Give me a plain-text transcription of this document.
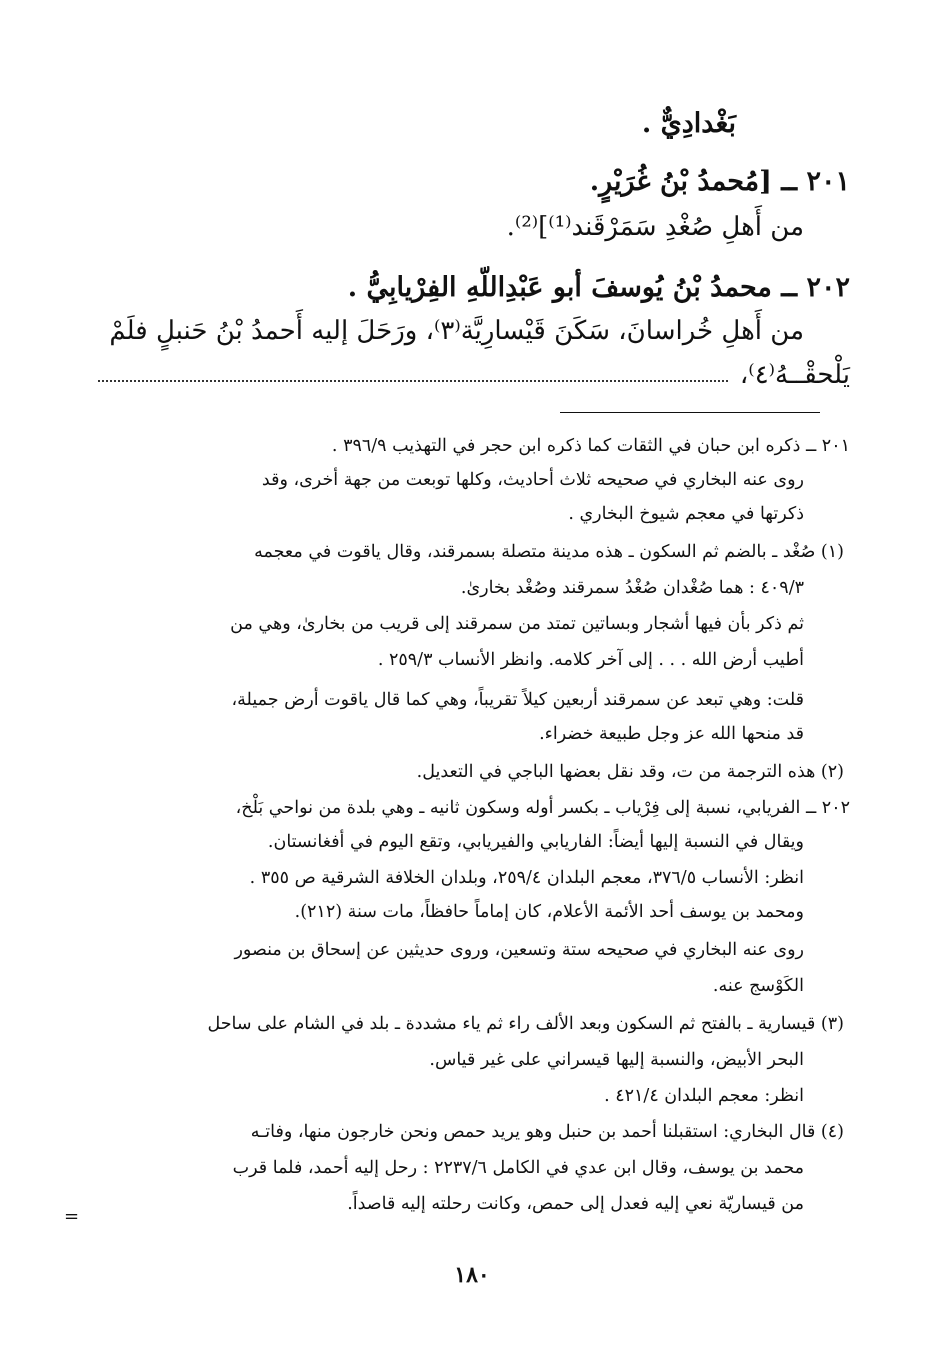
بَغْدادِيٌّ .
٢٠١ ــ [مُحمدُ بْنُ غُرَيْرٍ.
من أَهلِ صُغْدِ سَمَرْقَند⁽¹⁾]⁽²⁾.
٢٠٢ ــ محمدُ بْنُ يُوسفَ أبو عَبْدِاللّهِ الفِرْيابِيُّ .
من أَهلِ خُراسانَ، سَكَنَ قَيْسارِيَّة⁽٣⁾، ورَحَلَ إليه أَحمدُ بْنُ حَنبلٍ فلَمْ
يَلْحقْــهُ⁽٤⁾،
٢٠١ ــ ذكره ابن حبان في الثقات كما ذكره ابن حجر في التهذيب ٣٩٦/٩ .
روى عنه البخاري في صحيحه ثلاث أحاديث، وكلها توبعت من جهة أخرى، وقد
ذكرتها في معجم شيوخ البخاري .
(١) صُغْد ـ بالضم ثم السكون ـ هذه مدينة متصلة بسمرقند، وقال ياقوت في معجمه
٤٠٩/٣ : هما صُغْدان صُغْدُ سمرقند وصُغْد بخارىٰ.
ثم ذكر بأن فيها أشجار وبساتين تمتد من سمرقند إلى قريب من بخارىٰ، وهي من
أطيب أرض الله . . . إلى آخر كلامه. وانظر الأنساب ٢٥٩/٣ .
قلت: وهي تبعد عن سمرقند أربعين كيلاً تقريباً، وهي كما قال ياقوت أرض جميلة،
قد منحها الله عز وجل طبيعة خضراء.
(٢) هذه الترجمة من ت، وقد نقل بعضها الباجي في التعديل.
٢٠٢ ــ الفريابي، نسبة إلى فِرْياب ـ بكسر أوله وسكون ثانيه ـ وهي بلدة من نواحي بَلْخ،
ويقال في النسبة إليها أيضاً: الفاريابي والفيريابي، وتقع اليوم في أفغانستان.
انظر: الأنساب ٣٧٦/٥، معجم البلدان ٢٥٩/٤، وبلدان الخلافة الشرقية ص ٣٥٥ .
ومحمد بن يوسف أحد الأئمة الأعلام، كان إماماً حافظاً، مات سنة (٢١٢).
روى عنه البخاري في صحيحه ستة وتسعين، وروى حديثين عن إسحاق بن منصور
الكَوْسج عنه.
(٣) قيسارية ـ بالفتح ثم السكون وبعد الألف راء ثم ياء مشددة ـ بلد في الشام على ساحل
البحر الأبيض، والنسبة إليها قيسراني على غير قياس.
انظر: معجم البلدان ٤٢١/٤ .
(٤) قال البخاري: استقبلنا أحمد بن حنبل وهو يريد حمص ونحن خارجون منها، وفاتـه
محمد بن يوسف، وقال ابن عدي في الكامل ٢٢٣٧/٦ : رحل إليه أحمد، فلما قرب
من قيساريّة نعي إليه فعدل إلى حمص، وكانت رحلته إليه قاصداً.
=
١٨٠
